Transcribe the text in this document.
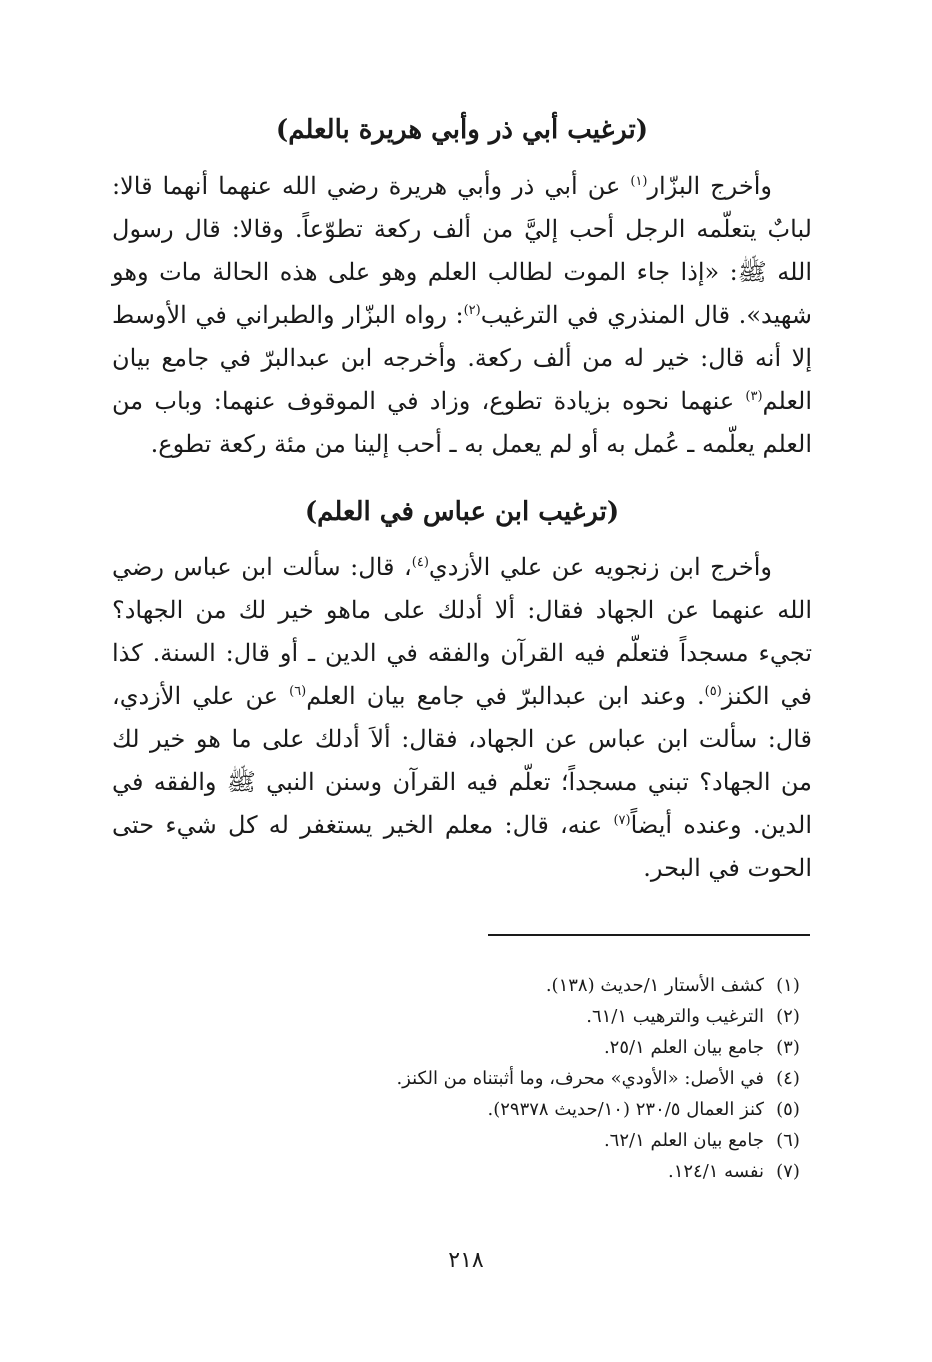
(ترغيب أبي ذر وأبي هريرة بالعلم)

وأخرج البزّار$^{(١)}$ عن أبي ذر وأبي هريرة رضي الله عنهما أنهما قالا: لبابٌ يتعلّمه الرجل أحب إليَّ من ألف ركعة تطوّعاً. وقالا: قال رسول الله ﷺ: «إذا جاء الموت لطالب العلم وهو على هذه الحالة مات وهو شهيد». قال المنذري في الترغيب$^{(٢)}$: رواه البزّار والطبراني في الأوسط إلا أنه قال: خير له من ألف ركعة. وأخرجه ابن عبدالبرّ في جامع بيان العلم$^{(٣)}$ عنهما نحوه بزيادة تطوع، وزاد في الموقوف عنهما: وباب من العلم يعلّمه ـ عُمل به أو لم يعمل به ـ أحب إلينا من مئة ركعة تطوع.

(ترغيب ابن عباس في العلم)

وأخرج ابن زنجويه عن علي الأزدي$^{(٤)}$، قال: سألت ابن عباس رضي الله عنهما عن الجهاد فقال: ألا أدلك على ماهو خير لك من الجهاد؟ تجيء مسجداً فتعلّم فيه القرآن والفقه في الدين ـ أو قال: السنة. كذا في الكنز$^{(٥)}$. وعند ابن عبدالبرّ في جامع بيان العلم$^{(٦)}$ عن علي الأزدي، قال: سألت ابن عباس عن الجهاد، فقال: ألاَ أدلك على ما هو خير لك من الجهاد؟ تبني مسجداً؛ تعلّم فيه القرآن وسنن النبي ﷺ والفقه في الدين. وعنده أيضاً$^{(٧)}$ عنه، قال: معلم الخير يستغفر له كل شيء حتى الحوت في البحر.

(١)
كشف الأستار ١/حديث (١٣٨).
(٢)
الترغيب والترهيب ٦١/١.
(٣)
جامع بيان العلم ٢٥/١.
(٤)
في الأصل: «الأودي» محرف، وما أثبتناه من الكنز.
(٥)
كنز العمال ٢٣٠/٥ (١٠/حديث ٢٩٣٧٨).
(٦)
جامع بيان العلم ٦٢/١.
(٧)
نفسه ١٢٤/١.
٢١٨
